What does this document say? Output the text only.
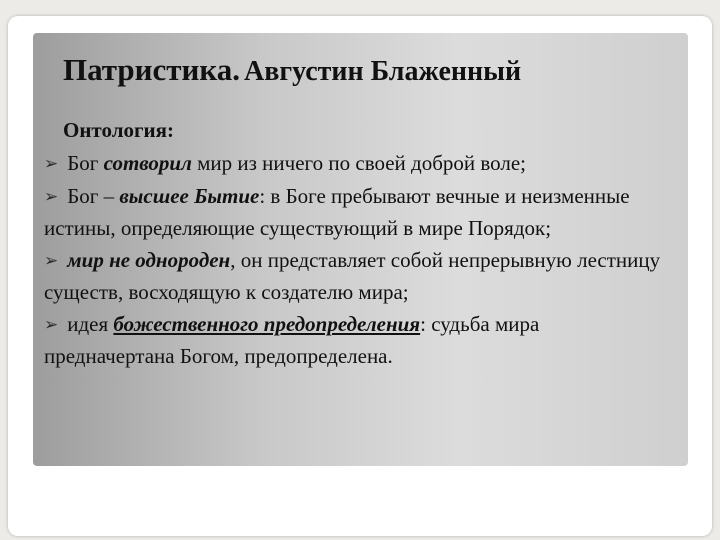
Патристика. Августин Блаженный
Онтология:

➢ Бог сотворил мир из ничего по своей доброй воле;

➢ Бог – высшее Бытие: в Боге пребывают вечные и неизменные истины, определяющие существующий в мире Порядок;

➢ мир не однороден, он представляет собой непрерывную лестницу существ, восходящую к создателю мира;

➢ идея божественного предопределения: судьба мира предначертана Богом, предопределена.
